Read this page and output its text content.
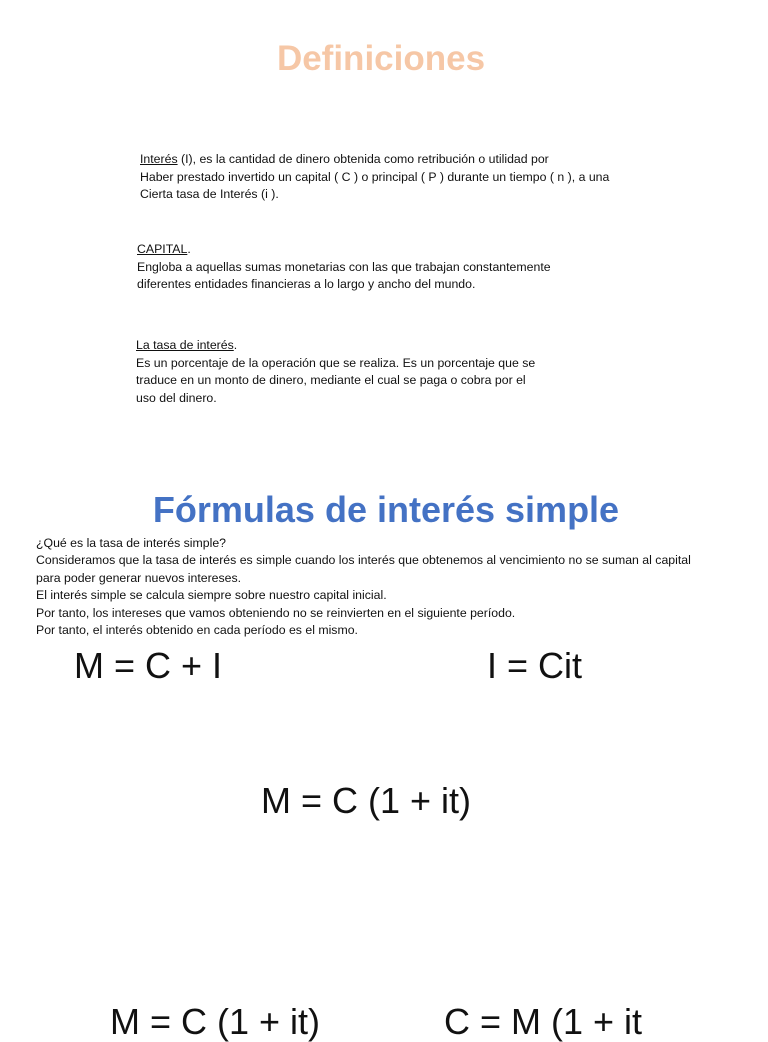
Definiciones

Interés (I), es la cantidad de dinero obtenida como retribución o utilidad por

Haber prestado invertido un capital ( C ) o principal ( P ) durante un tiempo ( n ), a una

Cierta tasa de Interés (i ).

CAPITAL.

Engloba a aquellas sumas monetarias con las que trabajan constantemente

diferentes entidades financieras a lo largo y ancho del mundo.

La tasa de interés.

Es un porcentaje de la operación que se realiza. Es un porcentaje que se

traduce en un monto de dinero, mediante el cual se paga o cobra por el

uso del dinero.

Fórmulas de interés simple

¿Qué es la tasa de interés simple?

Consideramos que la tasa de interés es simple cuando los interés que obtenemos al vencimiento no se suman al capital

para poder generar nuevos intereses.

El interés simple se calcula siempre sobre nuestro capital inicial.

Por tanto, los intereses que vamos obteniendo no se reinvierten en el siguiente período.

Por tanto, el interés obtenido en cada período es el mismo.

M = C + I	I = Cit
M = C (1 + it)
M = C (1 + it)	C = M (1 + it
